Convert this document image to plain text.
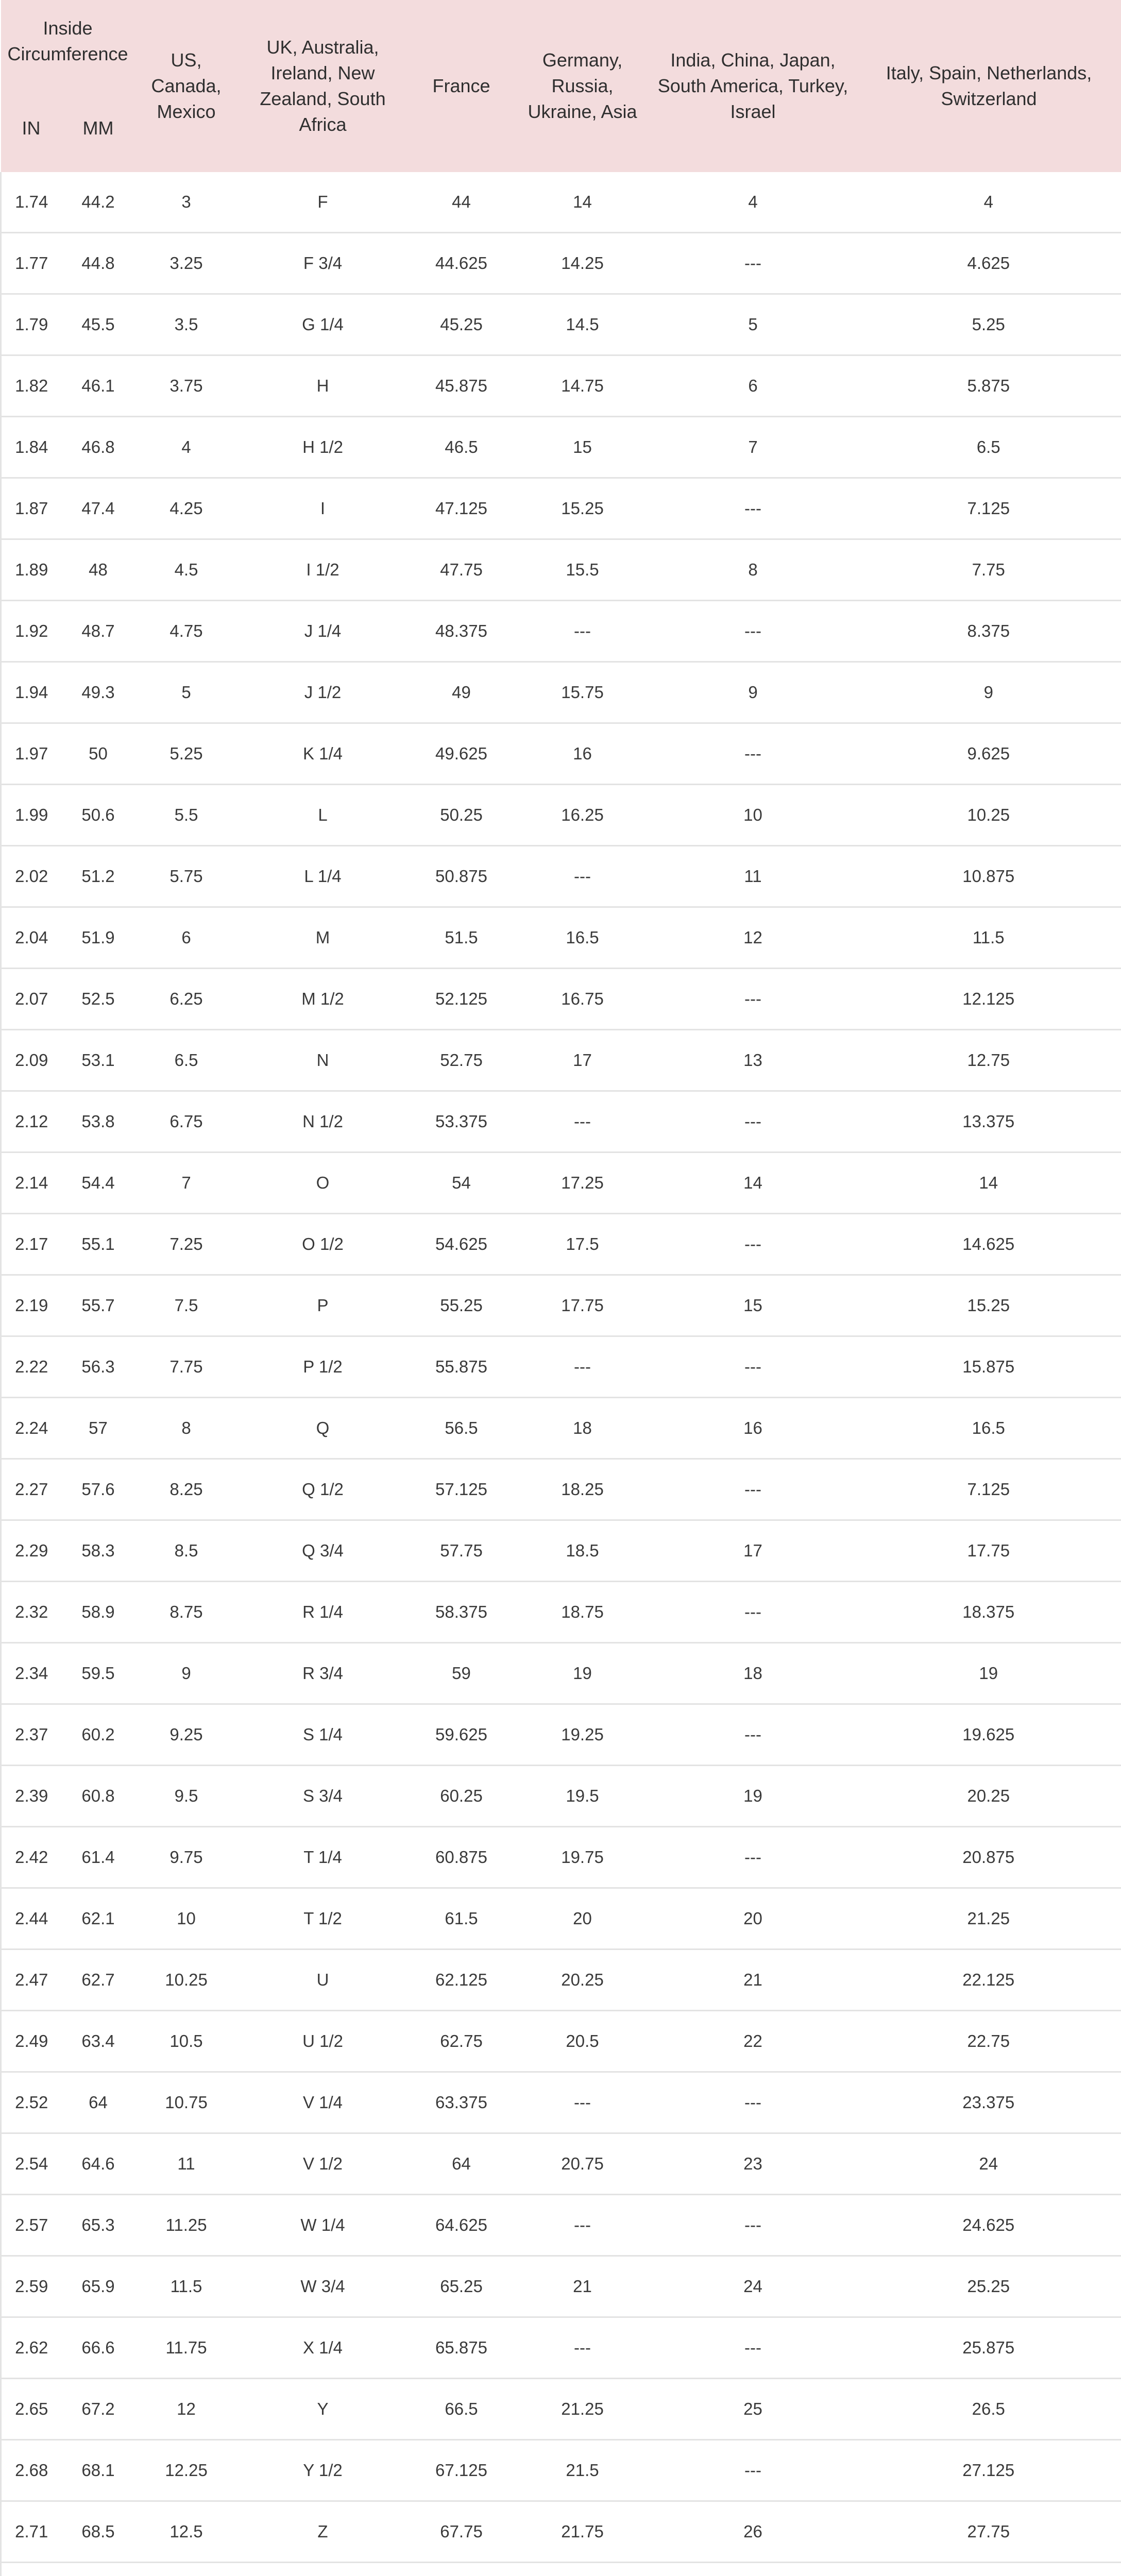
Inside Circumference		US, Canada, Mexico	UK, Australia, Ireland, New Zealand, South Africa	France	Germany, Russia, Ukraine, Asia	India, China, Japan, South America, Turkey, Israel	Italy, Spain, Netherlands, Switzerland
IN	MM						
1.74	44.2	3	F	44	14	4	4
1.77	44.8	3.25	F 3/4	44.625	14.25	---	4.625
1.79	45.5	3.5	G 1/4	45.25	14.5	5	5.25
1.82	46.1	3.75	H	45.875	14.75	6	5.875
1.84	46.8	4	H 1/2	46.5	15	7	6.5
1.87	47.4	4.25	I	47.125	15.25	---	7.125
1.89	48	4.5	I 1/2	47.75	15.5	8	7.75
1.92	48.7	4.75	J 1/4	48.375	---	---	8.375
1.94	49.3	5	J 1/2	49	15.75	9	9
1.97	50	5.25	K 1/4	49.625	16	---	9.625
1.99	50.6	5.5	L	50.25	16.25	10	10.25
2.02	51.2	5.75	L 1/4	50.875	---	11	10.875
2.04	51.9	6	M	51.5	16.5	12	11.5
2.07	52.5	6.25	M 1/2	52.125	16.75	---	12.125
2.09	53.1	6.5	N	52.75	17	13	12.75
2.12	53.8	6.75	N 1/2	53.375	---	---	13.375
2.14	54.4	7	O	54	17.25	14	14
2.17	55.1	7.25	O 1/2	54.625	17.5	---	14.625
2.19	55.7	7.5	P	55.25	17.75	15	15.25
2.22	56.3	7.75	P 1/2	55.875	---	---	15.875
2.24	57	8	Q	56.5	18	16	16.5
2.27	57.6	8.25	Q 1/2	57.125	18.25	---	7.125
2.29	58.3	8.5	Q 3/4	57.75	18.5	17	17.75
2.32	58.9	8.75	R 1/4	58.375	18.75	---	18.375
2.34	59.5	9	R 3/4	59	19	18	19
2.37	60.2	9.25	S 1/4	59.625	19.25	---	19.625
2.39	60.8	9.5	S 3/4	60.25	19.5	19	20.25
2.42	61.4	9.75	T 1/4	60.875	19.75	---	20.875
2.44	62.1	10	T 1/2	61.5	20	20	21.25
2.47	62.7	10.25	U	62.125	20.25	21	22.125
2.49	63.4	10.5	U 1/2	62.75	20.5	22	22.75
2.52	64	10.75	V 1/4	63.375	---	---	23.375
2.54	64.6	11	V 1/2	64	20.75	23	24
2.57	65.3	11.25	W 1/4	64.625	---	---	24.625
2.59	65.9	11.5	W 3/4	65.25	21	24	25.25
2.62	66.6	11.75	X 1/4	65.875	---	---	25.875
2.65	67.2	12	Y	66.5	21.25	25	26.5
2.68	68.1	12.25	Y 1/2	67.125	21.5	---	27.125
2.71	68.5	12.5	Z	67.75	21.75	26	27.75
